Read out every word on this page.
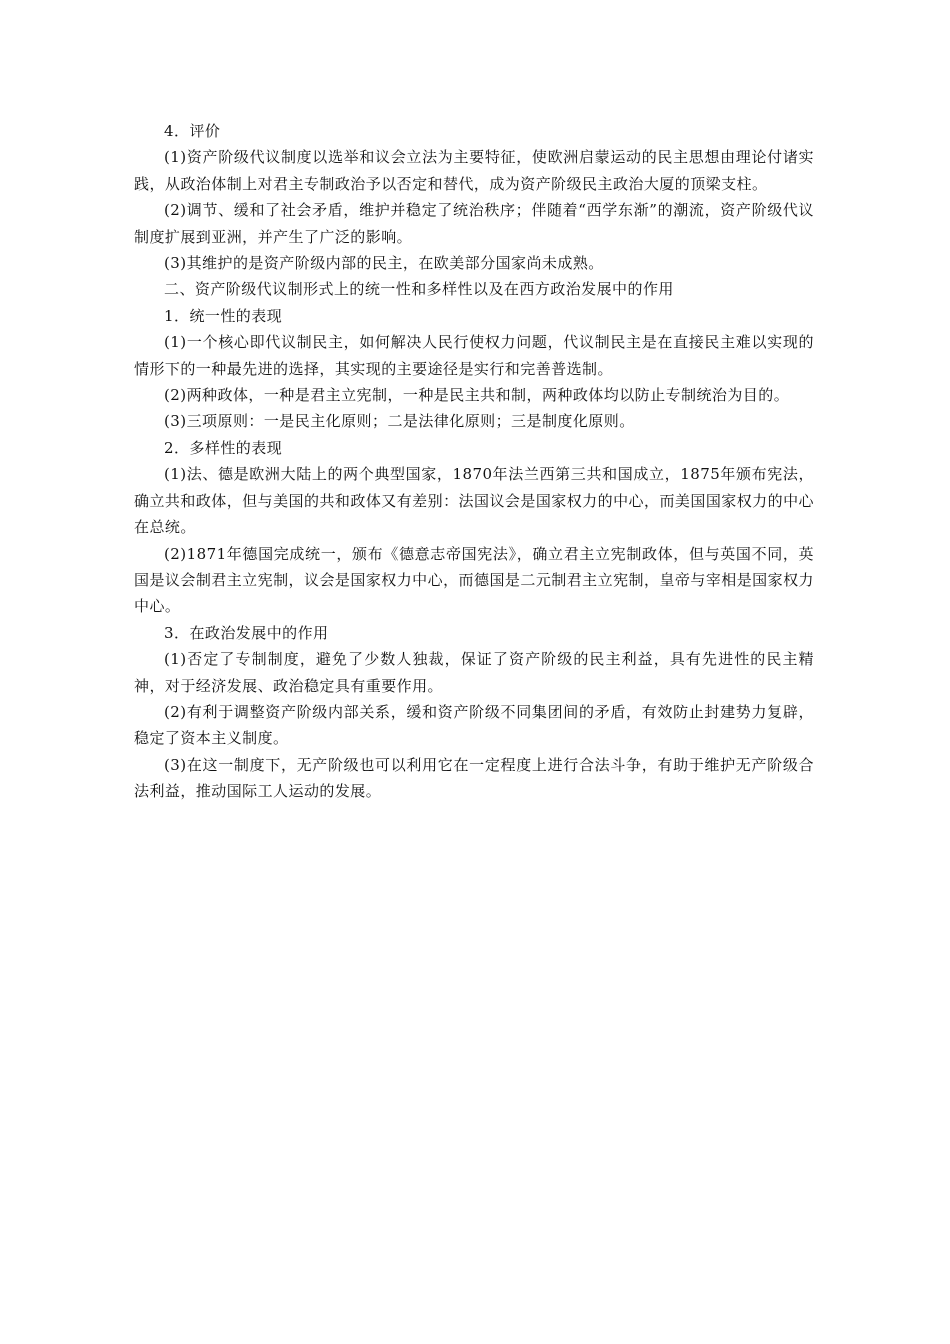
4．评价

(1)资产阶级代议制度以选举和议会立法为主要特征，使欧洲启蒙运动的民主思想由理论付诸实践，从政治体制上对君主专制政治予以否定和替代，成为资产阶级民主政治大厦的顶梁支柱。

(2)调节、缓和了社会矛盾，维护并稳定了统治秩序；伴随着“西学东渐”的潮流，资产阶级代议制度扩展到亚洲，并产生了广泛的影响。

(3)其维护的是资产阶级内部的民主，在欧美部分国家尚未成熟。

二、资产阶级代议制形式上的统一性和多样性以及在西方政治发展中的作用

1．统一性的表现

(1)一个核心即代议制民主，如何解决人民行使权力问题，代议制民主是在直接民主难以实现的情形下的一种最先进的选择，其实现的主要途径是实行和完善普选制。

(2)两种政体，一种是君主立宪制，一种是民主共和制，两种政体均以防止专制统治为目的。

(3)三项原则：一是民主化原则；二是法律化原则；三是制度化原则。

2．多样性的表现

(1)法、德是欧洲大陆上的两个典型国家，1870年法兰西第三共和国成立，1875年颁布宪法，确立共和政体，但与美国的共和政体又有差别：法国议会是国家权力的中心，而美国国家权力的中心在总统。

(2)1871年德国完成统一，颁布《德意志帝国宪法》，确立君主立宪制政体，但与英国不同，英国是议会制君主立宪制，议会是国家权力中心，而德国是二元制君主立宪制，皇帝与宰相是国家权力中心。

3．在政治发展中的作用

(1)否定了专制制度，避免了少数人独裁，保证了资产阶级的民主利益，具有先进性的民主精神，对于经济发展、政治稳定具有重要作用。

(2)有利于调整资产阶级内部关系，缓和资产阶级不同集团间的矛盾，有效防止封建势力复辟，稳定了资本主义制度。

(3)在这一制度下，无产阶级也可以利用它在一定程度上进行合法斗争，有助于维护无产阶级合法利益，推动国际工人运动的发展。
